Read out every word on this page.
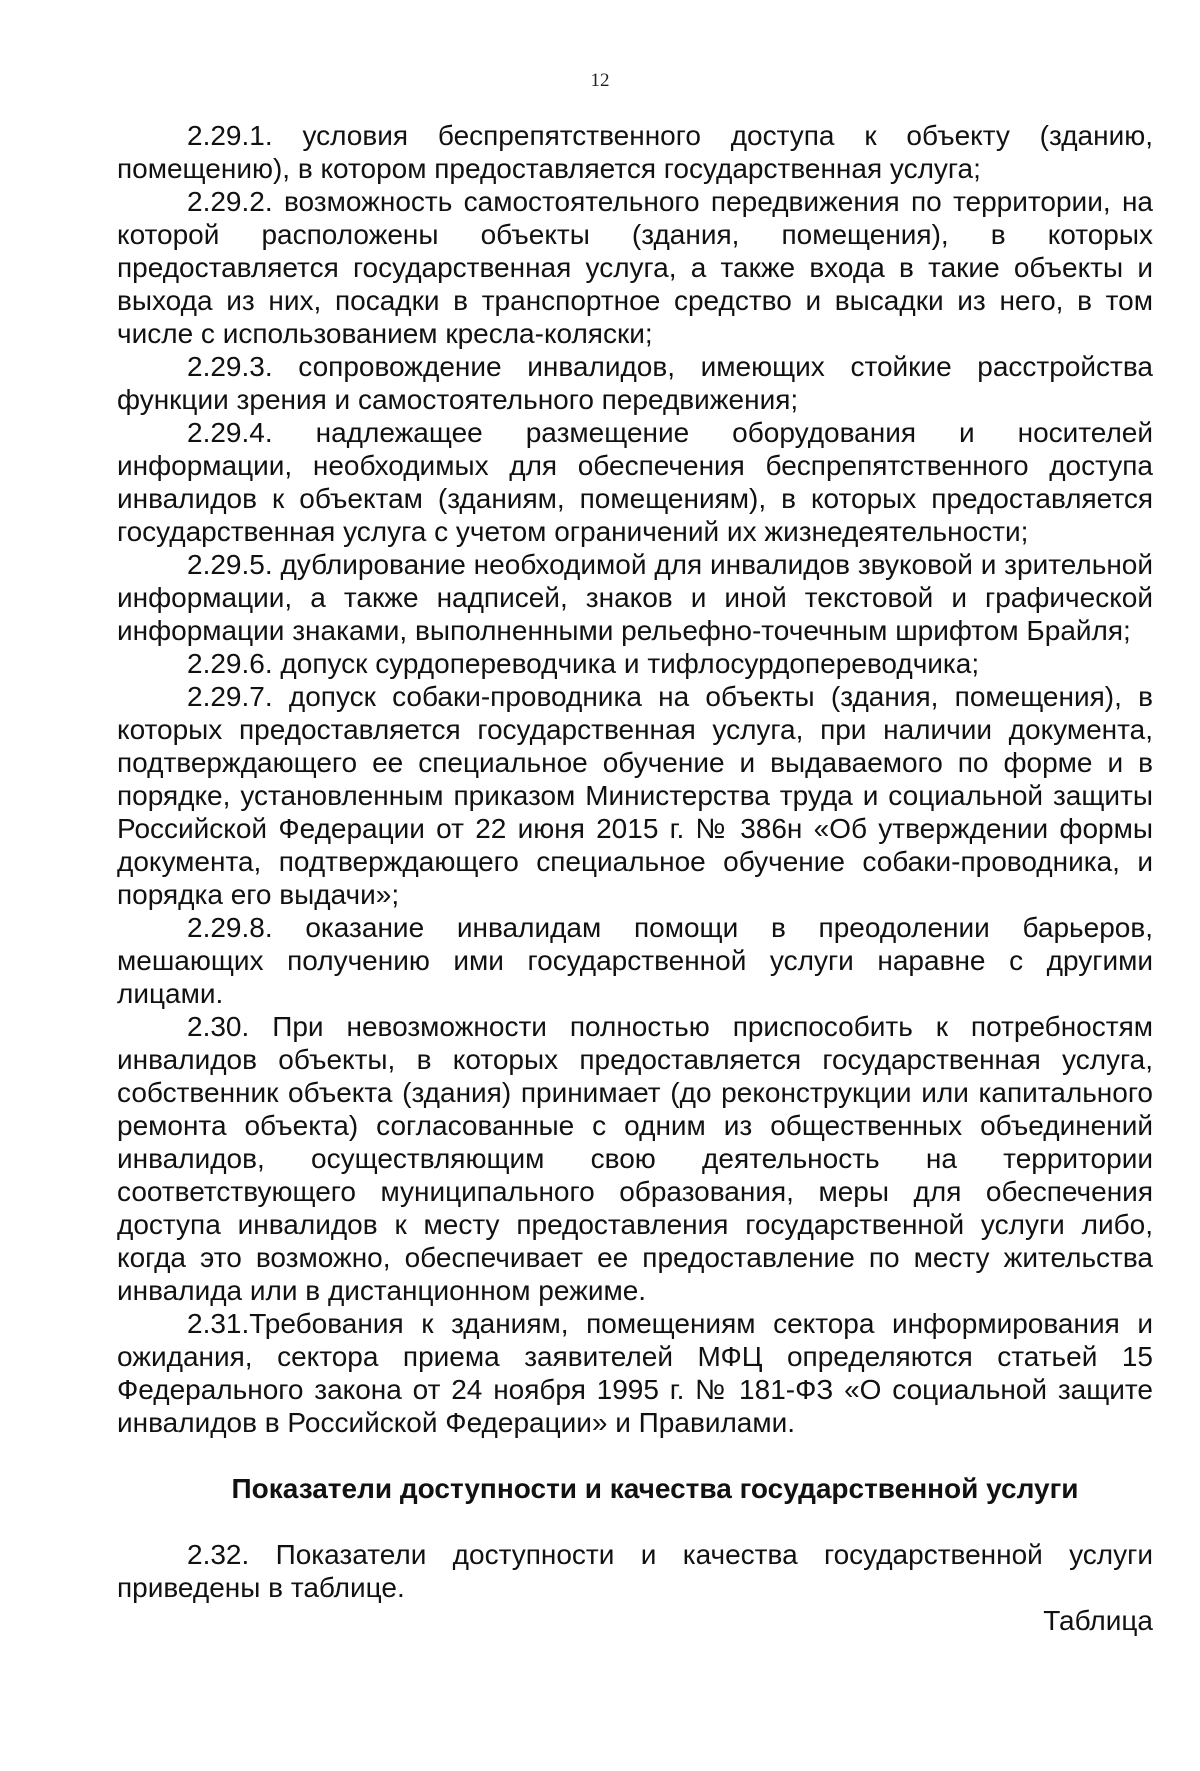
12

2.29.1. условия беспрепятственного доступа к объекту (зданию, помещению), в котором предоставляется государственная услуга;

2.29.2. возможность самостоятельного передвижения по территории, на которой расположены объекты (здания, помещения), в которых предоставляется государственная услуга, а также входа в такие объекты и выхода из них, посадки в транспортное средство и высадки из него, в том числе с использованием кресла-коляски;

2.29.3. сопровождение инвалидов, имеющих стойкие расстройства функции зрения и самостоятельного передвижения;

2.29.4. надлежащее размещение оборудования и носителей информации, необходимых для обеспечения беспрепятственного доступа инвалидов к объектам (зданиям, помещениям), в которых предоставляется государственная услуга с учетом ограничений их жизнедеятельности;

2.29.5. дублирование необходимой для инвалидов звуковой и зрительной информации, а также надписей, знаков и иной текстовой и графической информации знаками, выполненными рельефно-точечным шрифтом Брайля;

2.29.6. допуск сурдопереводчика и тифлосурдопереводчика;

2.29.7. допуск собаки-проводника на объекты (здания, помещения), в которых предоставляется государственная услуга, при наличии документа, подтверждающего ее специальное обучение и выдаваемого по форме и в порядке, установленным приказом Министерства труда и социальной защиты Российской Федерации от 22 июня 2015 г. № 386н «Об утверждении формы документа, подтверждающего специальное обучение собаки-проводника, и порядка его выдачи»;

2.29.8. оказание инвалидам помощи в преодолении барьеров, мешающих получению ими государственной услуги наравне с другими лицами.

2.30. При невозможности полностью приспособить к потребностям инвалидов объекты, в которых предоставляется государственная услуга, собственник объекта (здания) принимает (до реконструкции или капитального ремонта объекта) согласованные с одним из общественных объединений инвалидов, осуществляющим свою деятельность на территории соответствующего муниципального образования, меры для обеспечения доступа инвалидов к месту предоставления государственной услуги либо, когда это возможно, обеспечивает ее предоставление по месту жительства инвалида или в дистанционном режиме.

2.31.Требования к зданиям, помещениям сектора информирования и ожидания, сектора приема заявителей МФЦ определяются статьей 15 Федерального закона от 24 ноября 1995 г. № 181-ФЗ «О социальной защите инвалидов в Российской Федерации» и Правилами.

Показатели доступности и качества государственной услуги

2.32. Показатели доступности и качества государственной услуги приведены в таблице.

Таблица
